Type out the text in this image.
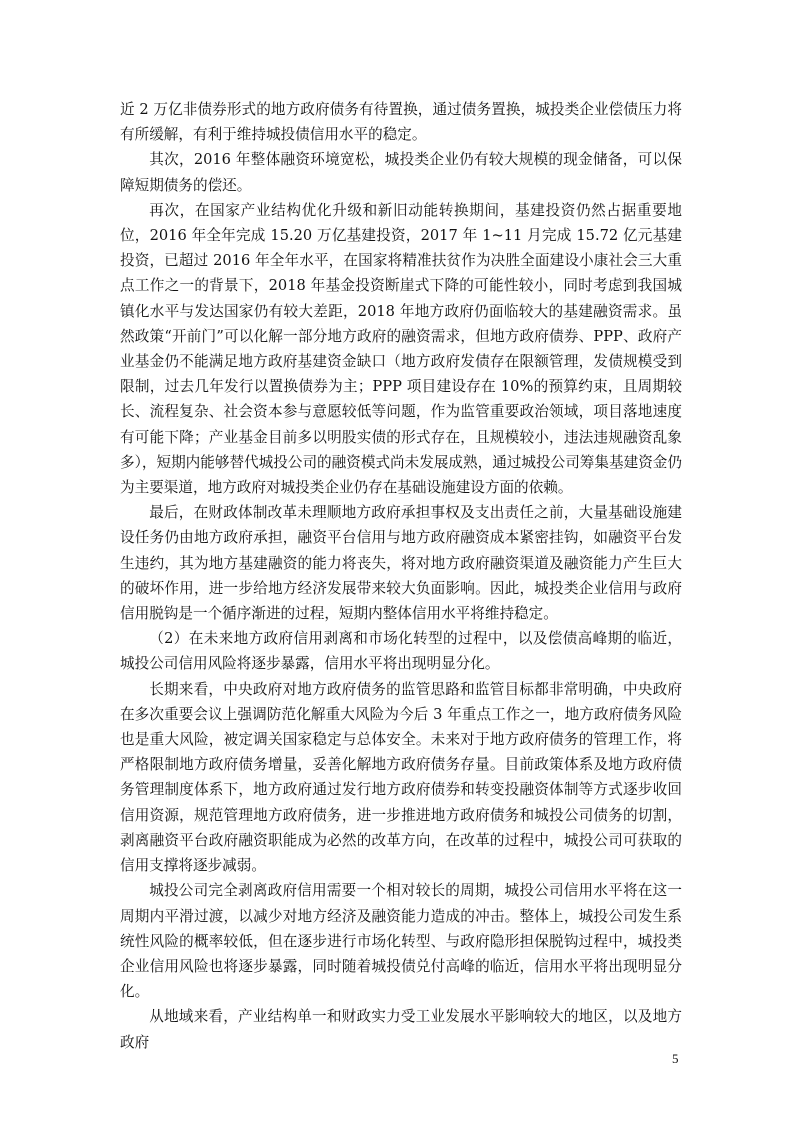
近 2 万亿非债券形式的地方政府债务有待置换，通过债务置换，城投类企业偿债压力将有所缓解，有利于维持城投债信用水平的稳定。

其次，2016 年整体融资环境宽松，城投类企业仍有较大规模的现金储备，可以保障短期债务的偿还。

再次，在国家产业结构优化升级和新旧动能转换期间，基建投资仍然占据重要地位，2016 年全年完成 15.20 万亿基建投资，2017 年 1~11 月完成 15.72 亿元基建投资，已超过 2016 年全年水平，在国家将精准扶贫作为决胜全面建设小康社会三大重点工作之一的背景下，2018 年基金投资断崖式下降的可能性较小，同时考虑到我国城镇化水平与发达国家仍有较大差距，2018 年地方政府仍面临较大的基建融资需求。虽然政策“开前门”可以化解一部分地方政府的融资需求，但地方政府债券、PPP、政府产业基金仍不能满足地方政府基建资金缺口（地方政府发债存在限额管理，发债规模受到限制，过去几年发行以置换债券为主；PPP 项目建设存在 10%的预算约束，且周期较长、流程复杂、社会资本参与意愿较低等问题，作为监管重要政治领域，项目落地速度有可能下降；产业基金目前多以明股实债的形式存在，且规模较小，违法违规融资乱象多），短期内能够替代城投公司的融资模式尚未发展成熟，通过城投公司筹集基建资金仍为主要渠道，地方政府对城投类企业仍存在基础设施建设方面的依赖。

最后，在财政体制改革未理顺地方政府承担事权及支出责任之前，大量基础设施建设任务仍由地方政府承担，融资平台信用与地方政府融资成本紧密挂钩，如融资平台发生违约，其为地方基建融资的能力将丧失，将对地方政府融资渠道及融资能力产生巨大的破坏作用，进一步给地方经济发展带来较大负面影响。因此，城投类企业信用与政府信用脱钩是一个循序渐进的过程，短期内整体信用水平将维持稳定。

（2）在未来地方政府信用剥离和市场化转型的过程中，以及偿债高峰期的临近，城投公司信用风险将逐步暴露，信用水平将出现明显分化。

长期来看，中央政府对地方政府债务的监管思路和监管目标都非常明确，中央政府在多次重要会议上强调防范化解重大风险为今后 3 年重点工作之一，地方政府债务风险也是重大风险，被定调关国家稳定与总体安全。未来对于地方政府债务的管理工作，将严格限制地方政府债务增量，妥善化解地方政府债务存量。目前政策体系及地方政府债务管理制度体系下，地方政府通过发行地方政府债券和转变投融资体制等方式逐步收回信用资源，规范管理地方政府债务，进一步推进地方政府债务和城投公司债务的切割，剥离融资平台政府融资职能成为必然的改革方向，在改革的过程中，城投公司可获取的信用支撑将逐步减弱。

城投公司完全剥离政府信用需要一个相对较长的周期，城投公司信用水平将在这一周期内平滑过渡，以减少对地方经济及融资能力造成的冲击。整体上，城投公司发生系统性风险的概率较低，但在逐步进行市场化转型、与政府隐形担保脱钩过程中，城投类企业信用风险也将逐步暴露，同时随着城投债兑付高峰的临近，信用水平将出现明显分化。

从地域来看，产业结构单一和财政实力受工业发展水平影响较大的地区，以及地方政府

5
